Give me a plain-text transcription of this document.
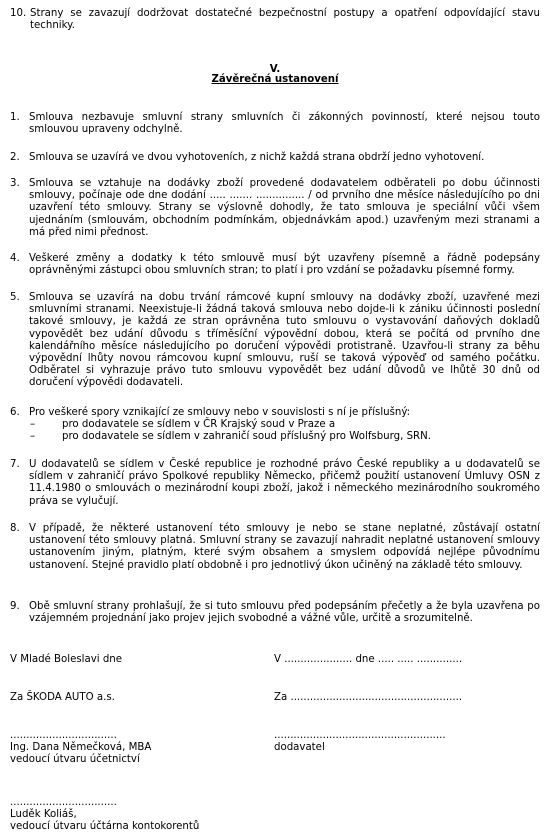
10. Strany se zavazují dodržovat dostatečné bezpečnostní postupy a opatření odpovídající stavu techniky.
V.
Závěrečná ustanovení
1. Smlouva nezbavuje smluvní strany smluvních či zákonných povinností, které nejsou touto smlouvou upraveny odchylně.
2. Smlouva se uzavírá ve dvou vyhotoveních, z nichž každá strana obdrží jedno vyhotovení.
3. Smlouva se vztahuje na dodávky zboží provedené dodavatelem odběrateli po dobu účinnosti smlouvy, počínaje ode dne dodání ..... ....... ............... / od prvního dne měsíce následujícího po dni uzavření této smlouvy. Strany se výslovně dohodly, že tato smlouva je speciální vůči všem ujednáním (smlouvám, obchodním podmínkám, objednávkám apod.) uzavřeným mezi stranami a má před nimi přednost.
4. Veškeré změny a dodatky k této smlouvě musí být uzavřeny písemně a řádně podepsány oprávněnými zástupci obou smluvních stran; to platí i pro vzdání se požadavku písemné formy.
5. Smlouva se uzavírá na dobu trvání rámcové kupní smlouvy na dodávky zboží, uzavřené mezi smluvními stranami. Neexistuje-li žádná taková smlouva nebo dojde-li k zániku účinnosti poslední takové smlouvy, je každá ze stran oprávněna tuto smlouvu o vystavování daňových dokladů vypovědět bez udání důvodu s tříměsíční výpovědní dobou, která se počítá od prvního dne kalendářního měsíce následujícího po doručení výpovědi protistraně. Uzavřou-li strany za běhu výpovědní lhůty novou rámcovou kupní smlouvu, ruší se taková výpověď od samého počátku. Odběratel si vyhrazuje právo tuto smlouvu vypovědět bez udání důvodů ve lhůtě 30 dnů od doručení výpovědi dodavateli.
6. Pro veškeré spory vznikající ze smlouvy nebo v souvislosti s ní je příslušný:
–	pro dodavatele se sídlem v ČR Krajský soud v Praze a
–	pro dodavatele se sídlem v zahraničí soud příslušný pro Wolfsburg, SRN.
7. U dodavatelů se sídlem v České republice je rozhodné právo České republiky a u dodavatelů se sídlem v zahraničí právo Spolkové republiky Německo, přičemž použití ustanovení Úmluvy OSN z 11.4.1980 o smlouvách o mezinárodní koupi zboží, jakož i německého mezinárodního soukromého práva se vylučují.
8. V případě, že některé ustanovení této smlouvy je nebo se stane neplatné, zůstávají ostatní ustanovení této smlouvy platná. Smluvní strany se zavazují nahradit neplatné ustanovení smlouvy ustanovením jiným, platným, které svým obsahem a smyslem odpovídá nejlépe původnímu ustanovení. Stejné pravidlo platí obdobně i pro jednotlivý úkon učiněný na základě této smlouvy.
9. Obě smluvní strany prohlašují, že si tuto smlouvu před podepsáním přečetly a že byla uzavřena po vzájemném projednání jako projev jejich svobodné a vážné vůle, určitě a srozumitelně.
V Mladé Boleslavi dne	V ..................... dne ..... ..... ..............
Za ŠKODA AUTO a.s.	Za .....................................................
.................................	.....................................................
Ing. Dana Němečková, MBA	dodavatel
vedoucí útvaru účetnictví
.................................
Luděk Koliáš,
vedoucí útvaru účtárna kontokorentů
